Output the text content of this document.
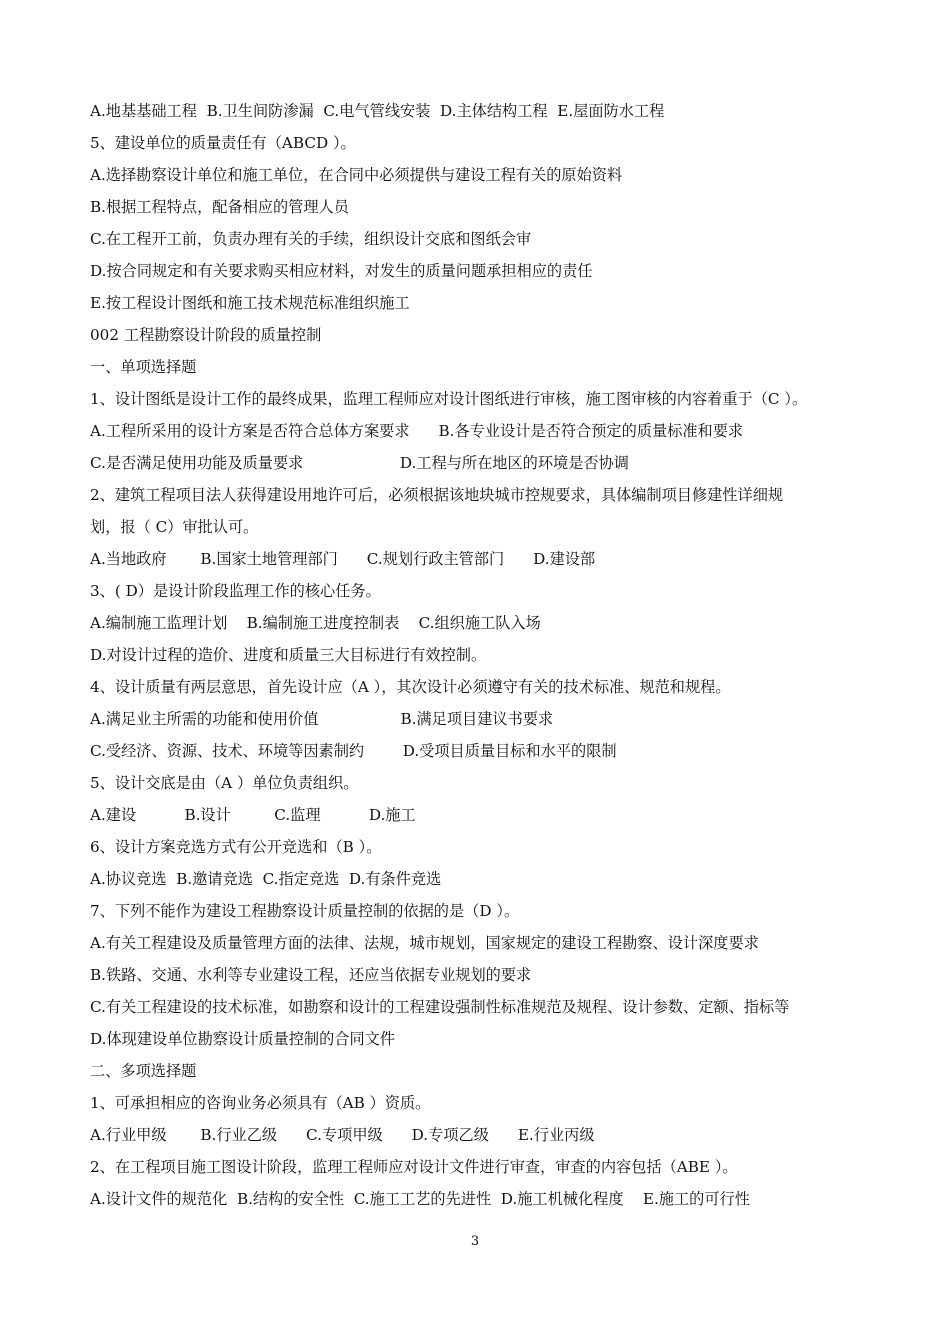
A.地基基础工程  B.卫生间防渗漏  C.电气管线安装  D.主体结构工程  E.屋面防水工程
5、建设单位的质量责任有（ABCD ）。
A.选择勘察设计单位和施工单位，在合同中必须提供与建设工程有关的原始资料
B.根据工程特点，配备相应的管理人员
C.在工程开工前，负责办理有关的手续，组织设计交底和图纸会审
D.按合同规定和有关要求购买相应材料，对发生的质量问题承担相应的责任
E.按工程设计图纸和施工技术规范标准组织施工
002 工程勘察设计阶段的质量控制
一、单项选择题
1、设计图纸是设计工作的最终成果，监理工程师应对设计图纸进行审核，施工图审核的内容着重于（C ）。
A.工程所采用的设计方案是否符合总体方案要求      B.各专业设计是否符合预定的质量标准和要求
C.是否满足使用功能及质量要求                    D.工程与所在地区的环境是否协调
2、建筑工程项目法人获得建设用地许可后，必须根据该地块城市控规要求，具体编制项目修建性详细规
划，报（ C）审批认可。
A.当地政府       B.国家土地管理部门      C.规划行政主管部门      D.建设部
3、( D）是设计阶段监理工作的核心任务。
A.编制施工监理计划    B.编制施工进度控制表    C.组织施工队入场
D.对设计过程的造价、进度和质量三大目标进行有效控制。
4、设计质量有两层意思，首先设计应（A ），其次设计必须遵守有关的技术标准、规范和规程。
A.满足业主所需的功能和使用价值                 B.满足项目建议书要求
C.受经济、资源、技术、环境等因素制约        D.受项目质量目标和水平的限制
5、设计交底是由（A ）单位负责组织。
A.建设          B.设计         C.监理          D.施工
6、设计方案竞选方式有公开竞选和（B ）。
A.协议竞选  B.邀请竞选  C.指定竞选  D.有条件竞选
7、下列不能作为建设工程勘察设计质量控制的依据的是（D ）。
A.有关工程建设及质量管理方面的法律、法规，城市规划，国家规定的建设工程勘察、设计深度要求
B.铁路、交通、水利等专业建设工程，还应当依据专业规划的要求
C.有关工程建设的技术标准，如勘察和设计的工程建设强制性标准规范及规程、设计参数、定额、指标等
D.体现建设单位勘察设计质量控制的合同文件
二、多项选择题
1、可承担相应的咨询业务必须具有（AB ）资质。
A.行业甲级       B.行业乙级      C.专项甲级      D.专项乙级      E.行业丙级
2、在工程项目施工图设计阶段，监理工程师应对设计文件进行审查，审查的内容包括（ABE ）。
A.设计文件的规范化  B.结构的安全性  C.施工工艺的先进性  D.施工机械化程度    E.施工的可行性
3
